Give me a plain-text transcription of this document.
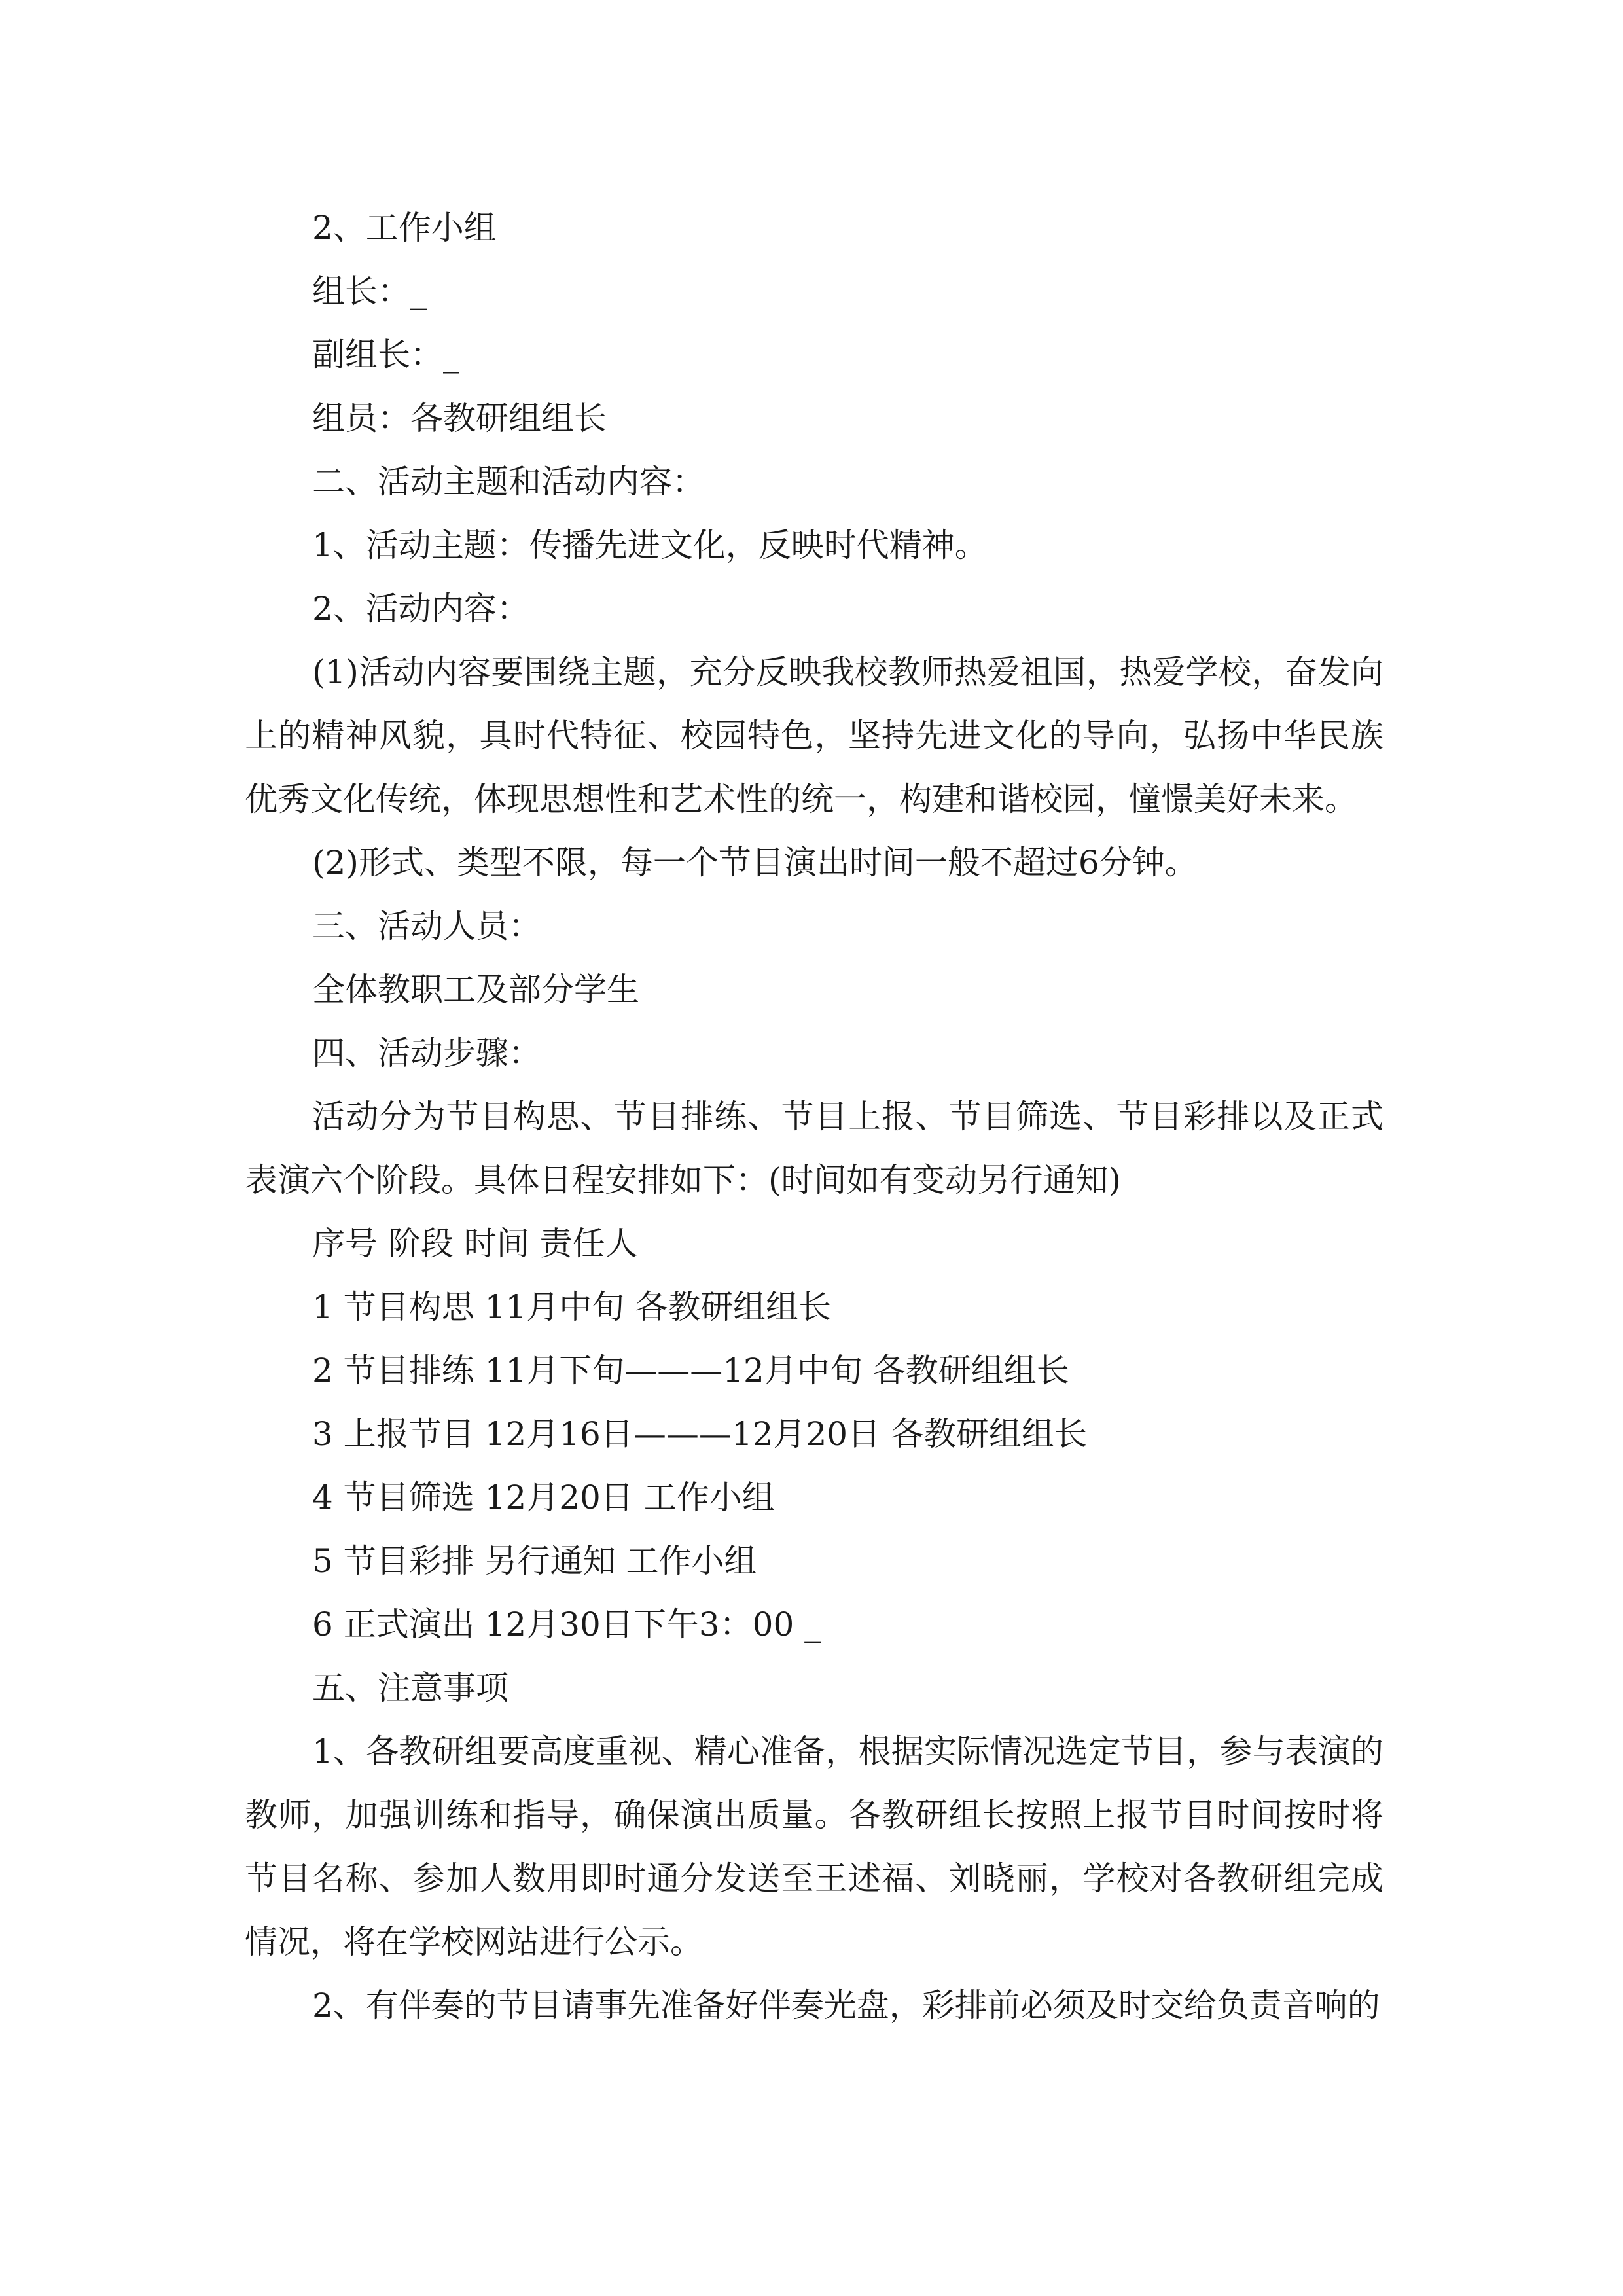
2、工作小组

组长：_

副组长：_

组员：各教研组组长

二、活动主题和活动内容：

1、活动主题：传播先进文化，反映时代精神。

2、活动内容：

(1)活动内容要围绕主题，充分反映我校教师热爱祖国，热爱学校，奋发向上的精神风貌，具时代特征、校园特色，坚持先进文化的导向，弘扬中华民族优秀文化传统，体现思想性和艺术性的统一，构建和谐校园，憧憬美好未来。

(2)形式、类型不限，每一个节目演出时间一般不超过6分钟。

三、活动人员：

全体教职工及部分学生

四、活动步骤：

活动分为节目构思、节目排练、节目上报、节目筛选、节目彩排以及正式表演六个阶段。具体日程安排如下：(时间如有变动另行通知)

序号 阶段 时间 责任人

1 节目构思 11月中旬 各教研组组长

2 节目排练 11月下旬———12月中旬 各教研组组长

3 上报节目 12月16日———12月20日 各教研组组长

4 节目筛选 12月20日 工作小组

5 节目彩排 另行通知 工作小组

6 正式演出 12月30日下午3：00 _

五、注意事项

1、各教研组要高度重视、精心准备，根据实际情况选定节目，参与表演的教师，加强训练和指导，确保演出质量。各教研组长按照上报节目时间按时将节目名称、参加人数用即时通分发送至王述福、刘晓丽，学校对各教研组完成情况，将在学校网站进行公示。

2、有伴奏的节目请事先准备好伴奏光盘，彩排前必须及时交给负责音响的
